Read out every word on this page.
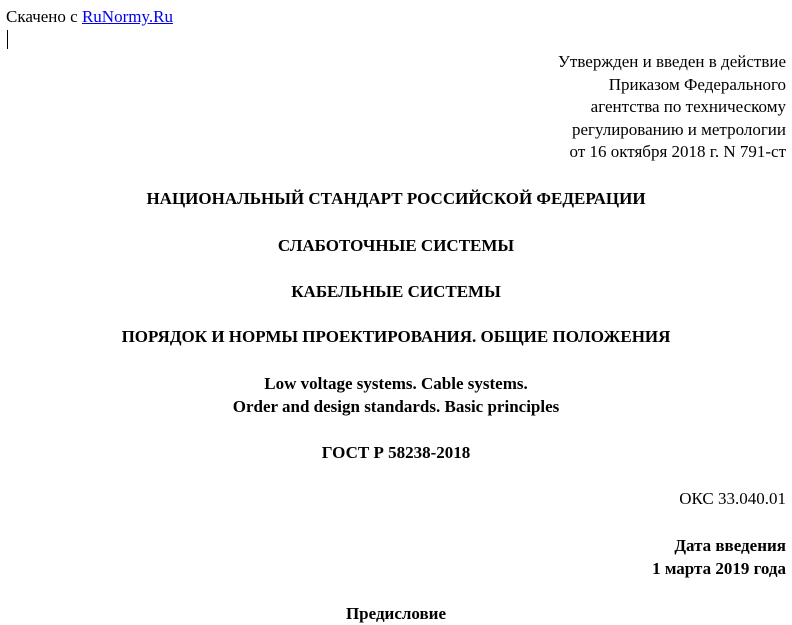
Скачено с RuNormy.Ru
Утвержден и введен в действие
Приказом Федерального
агентства по техническому
регулированию и метрологии
от 16 октября 2018 г. N 791-ст
НАЦИОНАЛЬНЫЙ СТАНДАРТ РОССИЙСКОЙ ФЕДЕРАЦИИ
СЛАБОТОЧНЫЕ СИСТЕМЫ
КАБЕЛЬНЫЕ СИСТЕМЫ
ПОРЯДОК И НОРМЫ ПРОЕКТИРОВАНИЯ. ОБЩИЕ ПОЛОЖЕНИЯ
Low voltage systems. Cable systems.
Order and design standards. Basic principles
ГОСТ Р 58238-2018
ОКС 33.040.01
Дата введения
1 марта 2019 года
Предисловие
